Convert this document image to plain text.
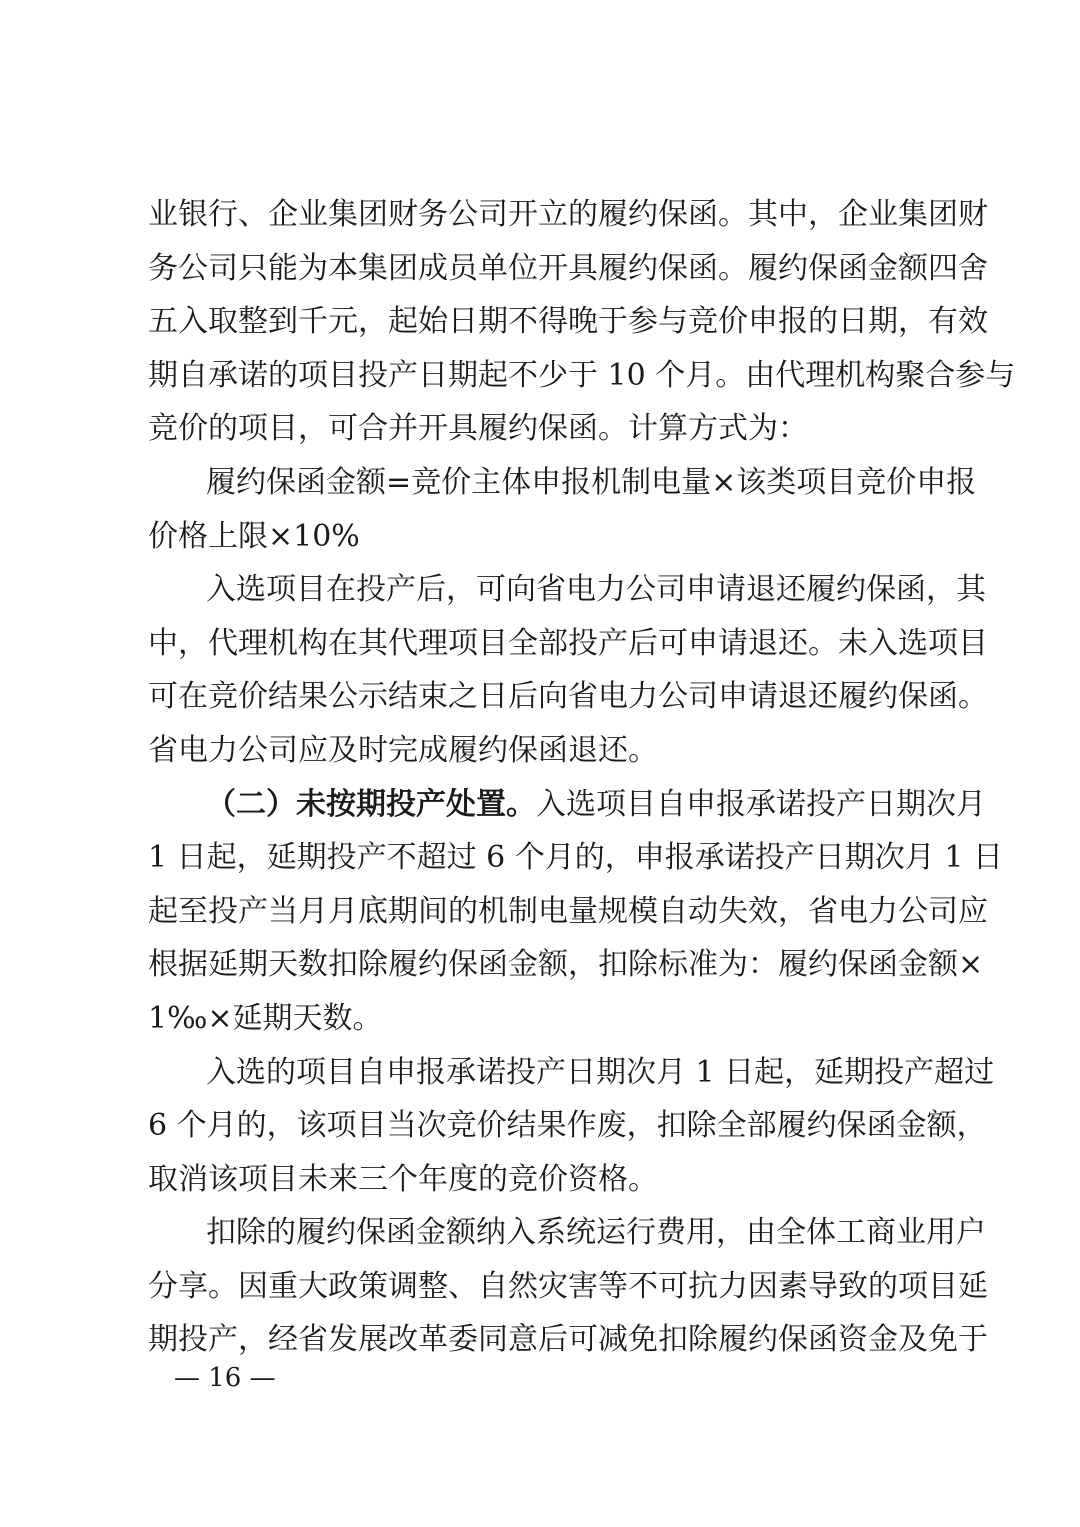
业银行、企业集团财务公司开立的履约保函。其中，企业集团财
务公司只能为本集团成员单位开具履约保函。履约保函金额四舍
五入取整到千元，起始日期不得晚于参与竞价申报的日期，有效
期自承诺的项目投产日期起不少于 10 个月。由代理机构聚合参与
竞价的项目，可合并开具履约保函。计算方式为：
履约保函金额=竞价主体申报机制电量×该类项目竞价申报
价格上限×10%
入选项目在投产后，可向省电力公司申请退还履约保函，其
中，代理机构在其代理项目全部投产后可申请退还。未入选项目
可在竞价结果公示结束之日后向省电力公司申请退还履约保函。
省电力公司应及时完成履约保函退还。
（二）未按期投产处置。入选项目自申报承诺投产日期次月
1 日起，延期投产不超过 6 个月的，申报承诺投产日期次月 1 日
起至投产当月月底期间的机制电量规模自动失效，省电力公司应
根据延期天数扣除履约保函金额，扣除标准为：履约保函金额×
1‰×延期天数。
入选的项目自申报承诺投产日期次月 1 日起，延期投产超过
6 个月的，该项目当次竞价结果作废，扣除全部履约保函金额，
取消该项目未来三个年度的竞价资格。
扣除的履约保函金额纳入系统运行费用，由全体工商业用户
分享。因重大政策调整、自然灾害等不可抗力因素导致的项目延
期投产，经省发展改革委同意后可减免扣除履约保函资金及免于
— 16 —
